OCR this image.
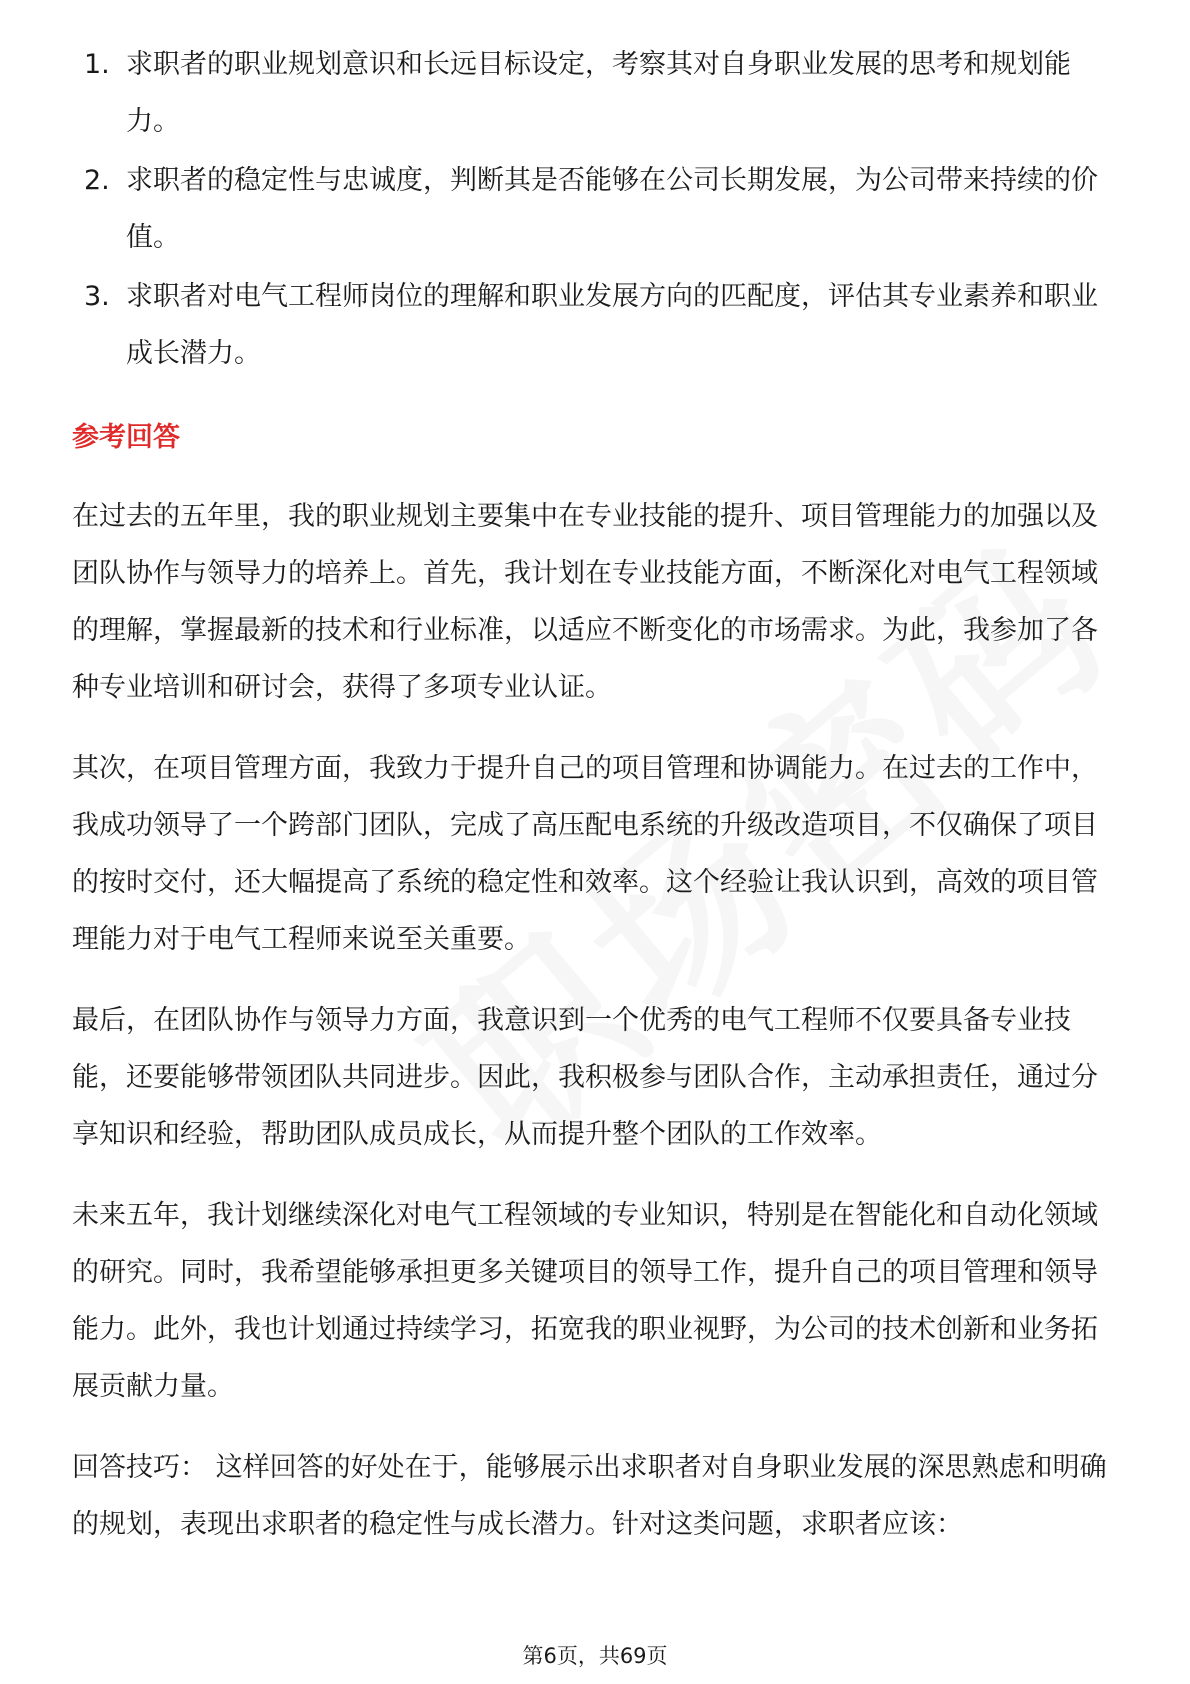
1. 求职者的职业规划意识和长远目标设定，考察其对自身职业发展的思考和规划能力。
2. 求职者的稳定性与忠诚度，判断其是否能够在公司长期发展，为公司带来持续的价值。
3. 求职者对电气工程师岗位的理解和职业发展方向的匹配度，评估其专业素养和职业成长潜力。
参考回答

在过去的五年里，我的职业规划主要集中在专业技能的提升、项目管理能力的加强以及团队协作与领导力的培养上。首先，我计划在专业技能方面，不断深化对电气工程领域的理解，掌握最新的技术和行业标准，以适应不断变化的市场需求。为此，我参加了各种专业培训和研讨会，获得了多项专业认证。

其次，在项目管理方面，我致力于提升自己的项目管理和协调能力。在过去的工作中，我成功领导了一个跨部门团队，完成了高压配电系统的升级改造项目，不仅确保了项目的按时交付，还大幅提高了系统的稳定性和效率。这个经验让我认识到，高效的项目管理能力对于电气工程师来说至关重要。

最后，在团队协作与领导力方面，我意识到一个优秀的电气工程师不仅要具备专业技能，还要能够带领团队共同进步。因此，我积极参与团队合作，主动承担责任，通过分享知识和经验，帮助团队成员成长，从而提升整个团队的工作效率。

未来五年，我计划继续深化对电气工程领域的专业知识，特别是在智能化和自动化领域的研究。同时，我希望能够承担更多关键项目的领导工作，提升自己的项目管理和领导能力。此外，我也计划通过持续学习，拓宽我的职业视野，为公司的技术创新和业务拓展贡献力量。

回答技巧： 这样回答的好处在于，能够展示出求职者对自身职业发展的深思熟虑和明确的规划，表现出求职者的稳定性与成长潜力。针对这类问题，求职者应该：

第6页，共69页
